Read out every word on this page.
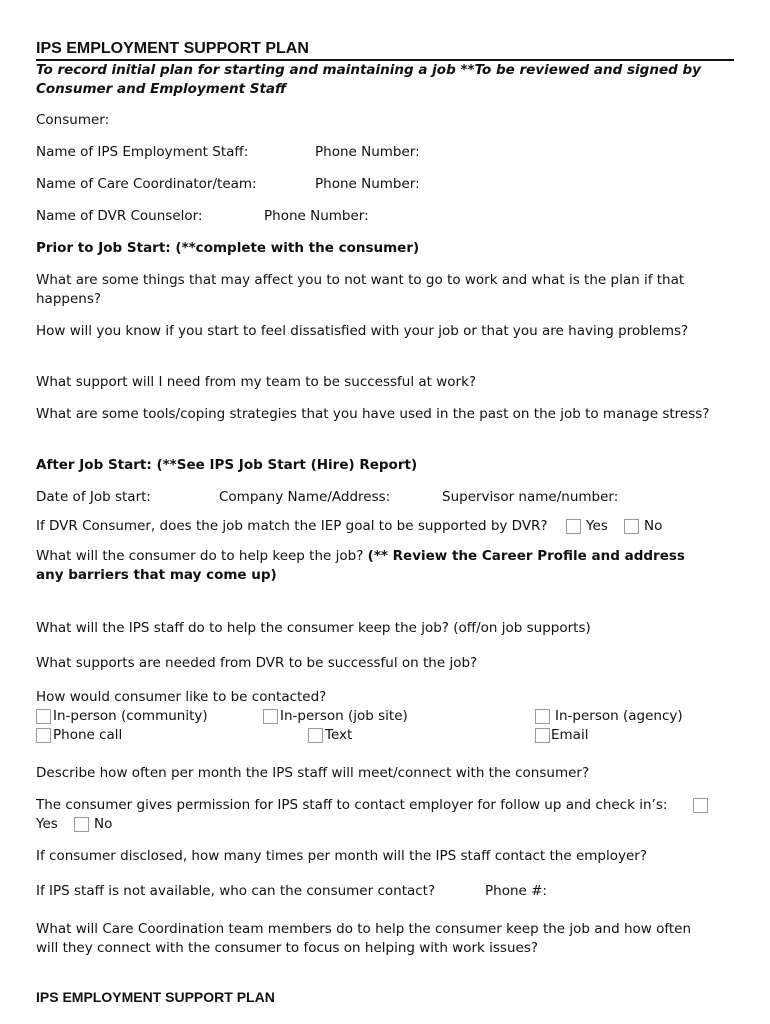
IPS EMPLOYMENT SUPPORT PLAN
To record initial plan for starting and maintaining a job **To be reviewed and signed by
Consumer and Employment Staff
Consumer:
Name of IPS Employment Staff:	Phone Number:
Name of Care Coordinator/team:	Phone Number:
Name of DVR Counselor:	Phone Number:
Prior to Job Start: (**complete with the consumer)
What are some things that may affect you to not want to go to work and what is the plan if that
happens?
How will you know if you start to feel dissatisfied with your job or that you are having problems?
What support will I need from my team to be successful at work?
What are some tools/coping strategies that you have used in the past on the job to manage stress?
After Job Start: (**See IPS Job Start (Hire) Report)
Date of Job start:	Company Name/Address:	Supervisor name/number:
If DVR Consumer, does the job match the IEP goal to be supported by DVR?	Yes	No
What will the consumer do to help keep the job? (** Review the Career Profile and address
any barriers that may come up)
What will the IPS staff do to help the consumer keep the job? (off/on job supports)
What supports are needed from DVR to be successful on the job?
How would consumer like to be contacted?
In-person (community)	In-person (job site)	In-person (agency)
Phone call	Text	Email
Describe how often per month the IPS staff will meet/connect with the consumer?
The consumer gives permission for IPS staff to contact employer for follow up and check in’s:
Yes	No
If consumer disclosed, how many times per month will the IPS staff contact the employer?
If IPS staff is not available, who can the consumer contact?	Phone #:
What will Care Coordination team members do to help the consumer keep the job and how often
will they connect with the consumer to focus on helping with work issues?
IPS EMPLOYMENT SUPPORT PLAN
